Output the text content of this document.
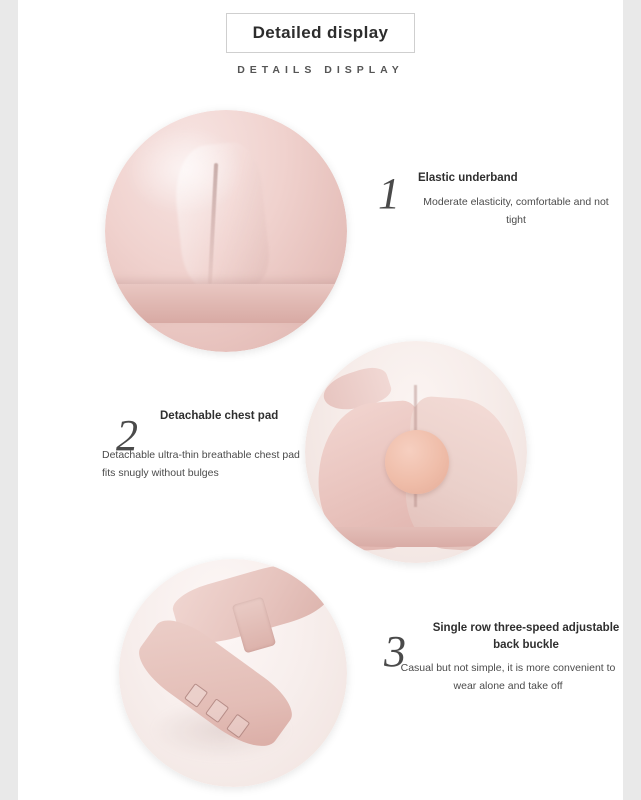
Detailed display
DETAILS DISPLAY
1 Elastic underband
Moderate elasticity, comfortable and not tight
2 Detachable chest pad
Detachable ultra-thin breathable chest pad fits snugly without bulges
3	Single row three-speed adjustable back buckle
Casual but not simple, it is more convenient to wear alone and take off
